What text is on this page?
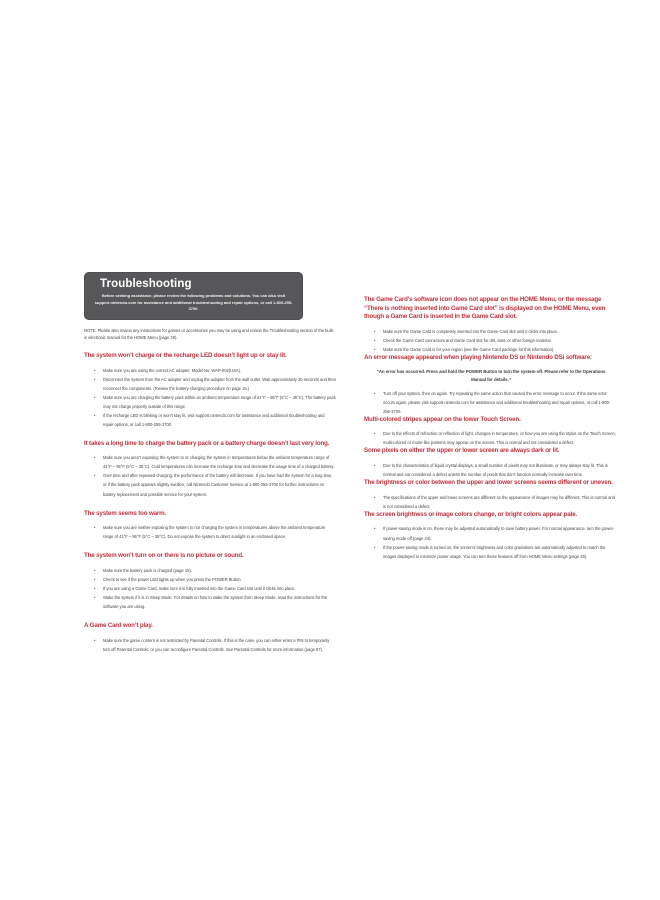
Troubleshooting
Before seeking assistance, please review the following problems and solutions. You can also visit support.nintendo.com for assistance and additional troubleshooting and repair options, or call 1-800-255-3700.

NOTE: Please also review any instructions for games or accessories you may be using and review the Troubleshooting section of the built-in electronic manual for the HOME Menu (page 29).

The system won’t charge or the recharge LED doesn’t light up or stay lit.
• Make sure you are using the correct AC adapter, Model No. WAP-002(USA).
• Disconnect the system from the AC adapter and unplug the adapter from the wall outlet. Wait approximately 30 seconds and then reconnect the components. (Review the battery-charging procedure on page 15.)
• Make sure you are charging the battery pack within an ambient temperature range of 41°F – 95°F (5°C – 35°C). The battery pack may not charge properly outside of this range.
• If the recharge LED is blinking or won’t stay lit, visit support.nintendo.com for assistance and additional troubleshooting and repair options, or call 1-800-255-3700.
It takes a long time to charge the battery pack or a battery charge doesn’t last very long.
• Make sure you aren’t exposing the system to or charging the system in temperatures below the ambient temperature range of 41°F – 95°F (5°C – 35°C). Cold temperatures can increase the recharge time and decrease the usage time of a charged battery.
• Over time and after repeated charging, the performance of the battery will decrease. If you have had the system for a long time, or if the battery pack appears slightly swollen, call Nintendo Customer Service at 1-800-255-3700 for further instructions on battery replacement and possible service for your system.
The system seems too warm.
• Make sure you are neither exposing the system to nor charging the system in temperatures above the ambient temperature range of 41°F – 95°F (5°C – 35°C). Do not expose the system to direct sunlight in an enclosed space.
The system won’t turn on or there is no picture or sound.
• Make sure the battery pack is charged (page 15).
• Check to see if the power LED lights up when you press the POWER Button.
• If you are using a Game Card, make sure it is fully inserted into the Game Card slot until it clicks into place.
• Wake the system if it is in Sleep Mode. For details on how to wake the system from Sleep Mode, read the instructions for the software you are using.
A Game Card won’t play.
• Make sure the game content is not restricted by Parental Controls. If this is the case, you can either enter a PIN to temporarily turn off Parental Controls, or you can reconfigure Parental Controls. See Parental Controls for more information (page 57).
The Game Card’s software icon does not appear on the HOME Menu, or the message “There is nothing inserted into Game Card slot” is displayed on the HOME Menu, even though a Game Card is inserted in the Game Card slot.
• Make sure the Game Card is completely inserted into the Game Card slot until it clicks into place.
• Check the Game Card connectors and Game Card slot for dirt, dust, or other foreign material.
• Make sure the Game Card is for your region (see the Game Card package for this information).
An error message appeared when playing Nintendo DS or Nintendo DSi software:

“An error has occurred. Press and hold the POWER Button to turn the system off. Please refer to the Operations Manual for details.”

• Turn off your system, then on again. Try repeating the same action that caused the error message to occur. If the same error occurs again, please visit support.nintendo.com for assistance and additional troubleshooting and repair options, or call 1-800-255-3700.
Multi-colored stripes appear on the lower Touch Screen.
• Due to the effects of refraction or reflection of light, changes in temperature, or how you are using the stylus on the Touch Screen, multi-colored or moire-like patterns may appear on the screen. This is normal and not considered a defect.
Some pixels on either the upper or lower screen are always dark or lit.
• Due to the characteristics of liquid crystal displays, a small number of pixels may not illuminate, or may always stay lit. This is normal and not considered a defect unless the number of pixels that don’t function normally increase over time.
The brightness or color between the upper and lower screens seems different or uneven.
• The specifications of the upper and lower screens are different so the appearance of images may be different. This is normal and is not considered a defect.
The screen brightness or image colors change, or bright colors appear pale.
• If power-saving mode is on, these may be adjusted automatically to save battery power. For normal appearance, turn the power-saving mode off (page 24).
• If the power-saving mode is turned on, the screen’s brightness and color gradations are automatically adjusted to match the images displayed to minimize power usage. You can turn these features off from HOME Menu settings (page 28).
